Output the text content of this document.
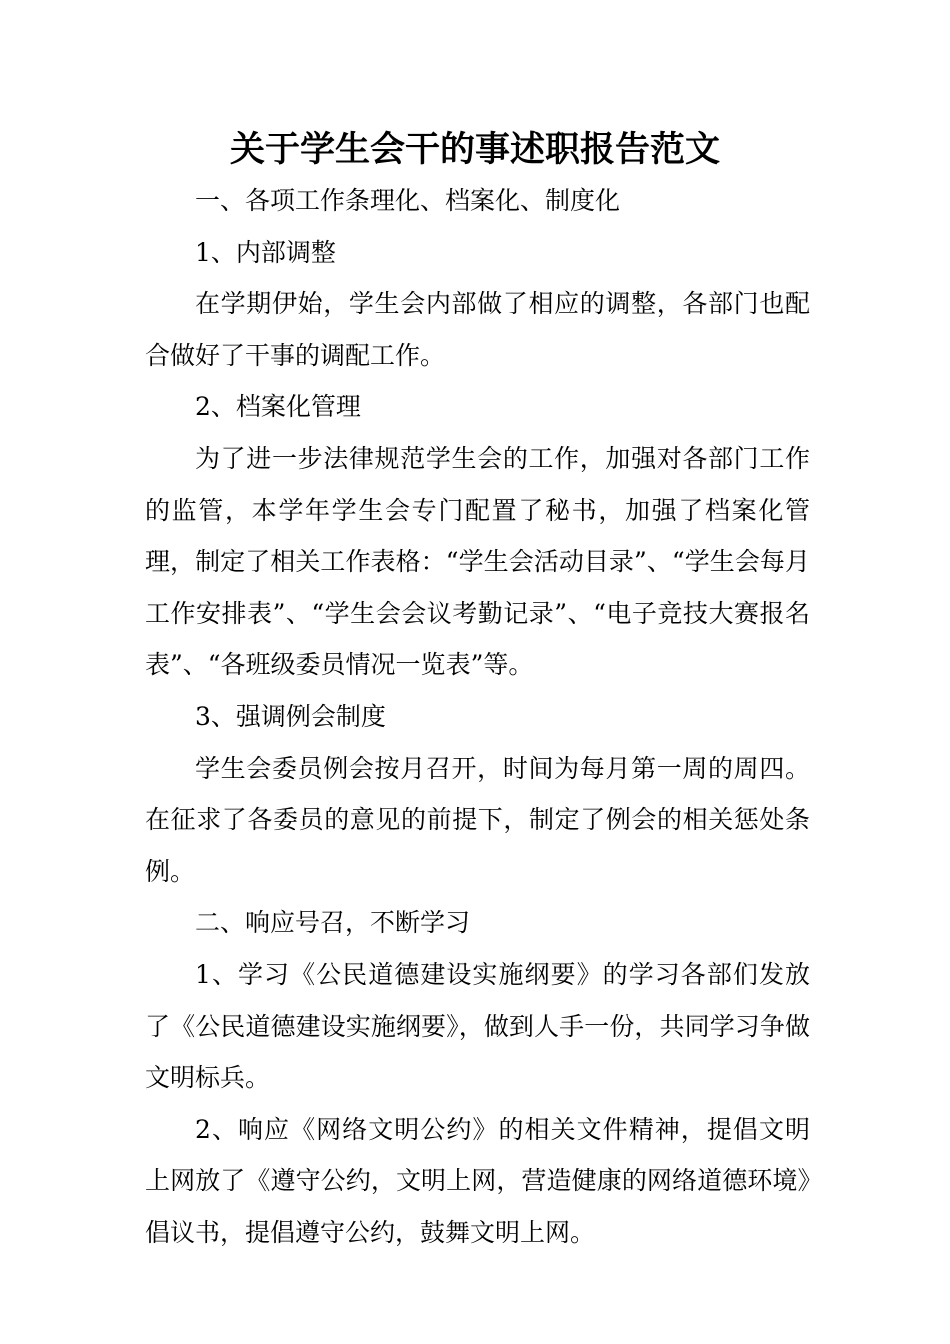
关于学生会干的事述职报告范文

一、各项工作条理化、档案化、制度化

1、内部调整

在学期伊始，学生会内部做了相应的调整，各部门也配合做好了干事的调配工作。

2、档案化管理

为了进一步法律规范学生会的工作，加强对各部门工作的监管，本学年学生会专门配置了秘书，加强了档案化管理，制定了相关工作表格：“学生会活动目录”、“学生会每月工作安排表”、“学生会会议考勤记录”、“电子竞技大赛报名表”、“各班级委员情况一览表”等。

3、强调例会制度

学生会委员例会按月召开，时间为每月第一周的周四。在征求了各委员的意见的前提下，制定了例会的相关惩处条例。

二、响应号召，不断学习

1、学习《公民道德建设实施纲要》的学习各部们发放了《公民道德建设实施纲要》，做到人手一份，共同学习争做文明标兵。

2、响应《网络文明公约》的相关文件精神，提倡文明上网放了《遵守公约，文明上网，营造健康的网络道德环境》倡议书，提倡遵守公约，鼓舞文明上网。
